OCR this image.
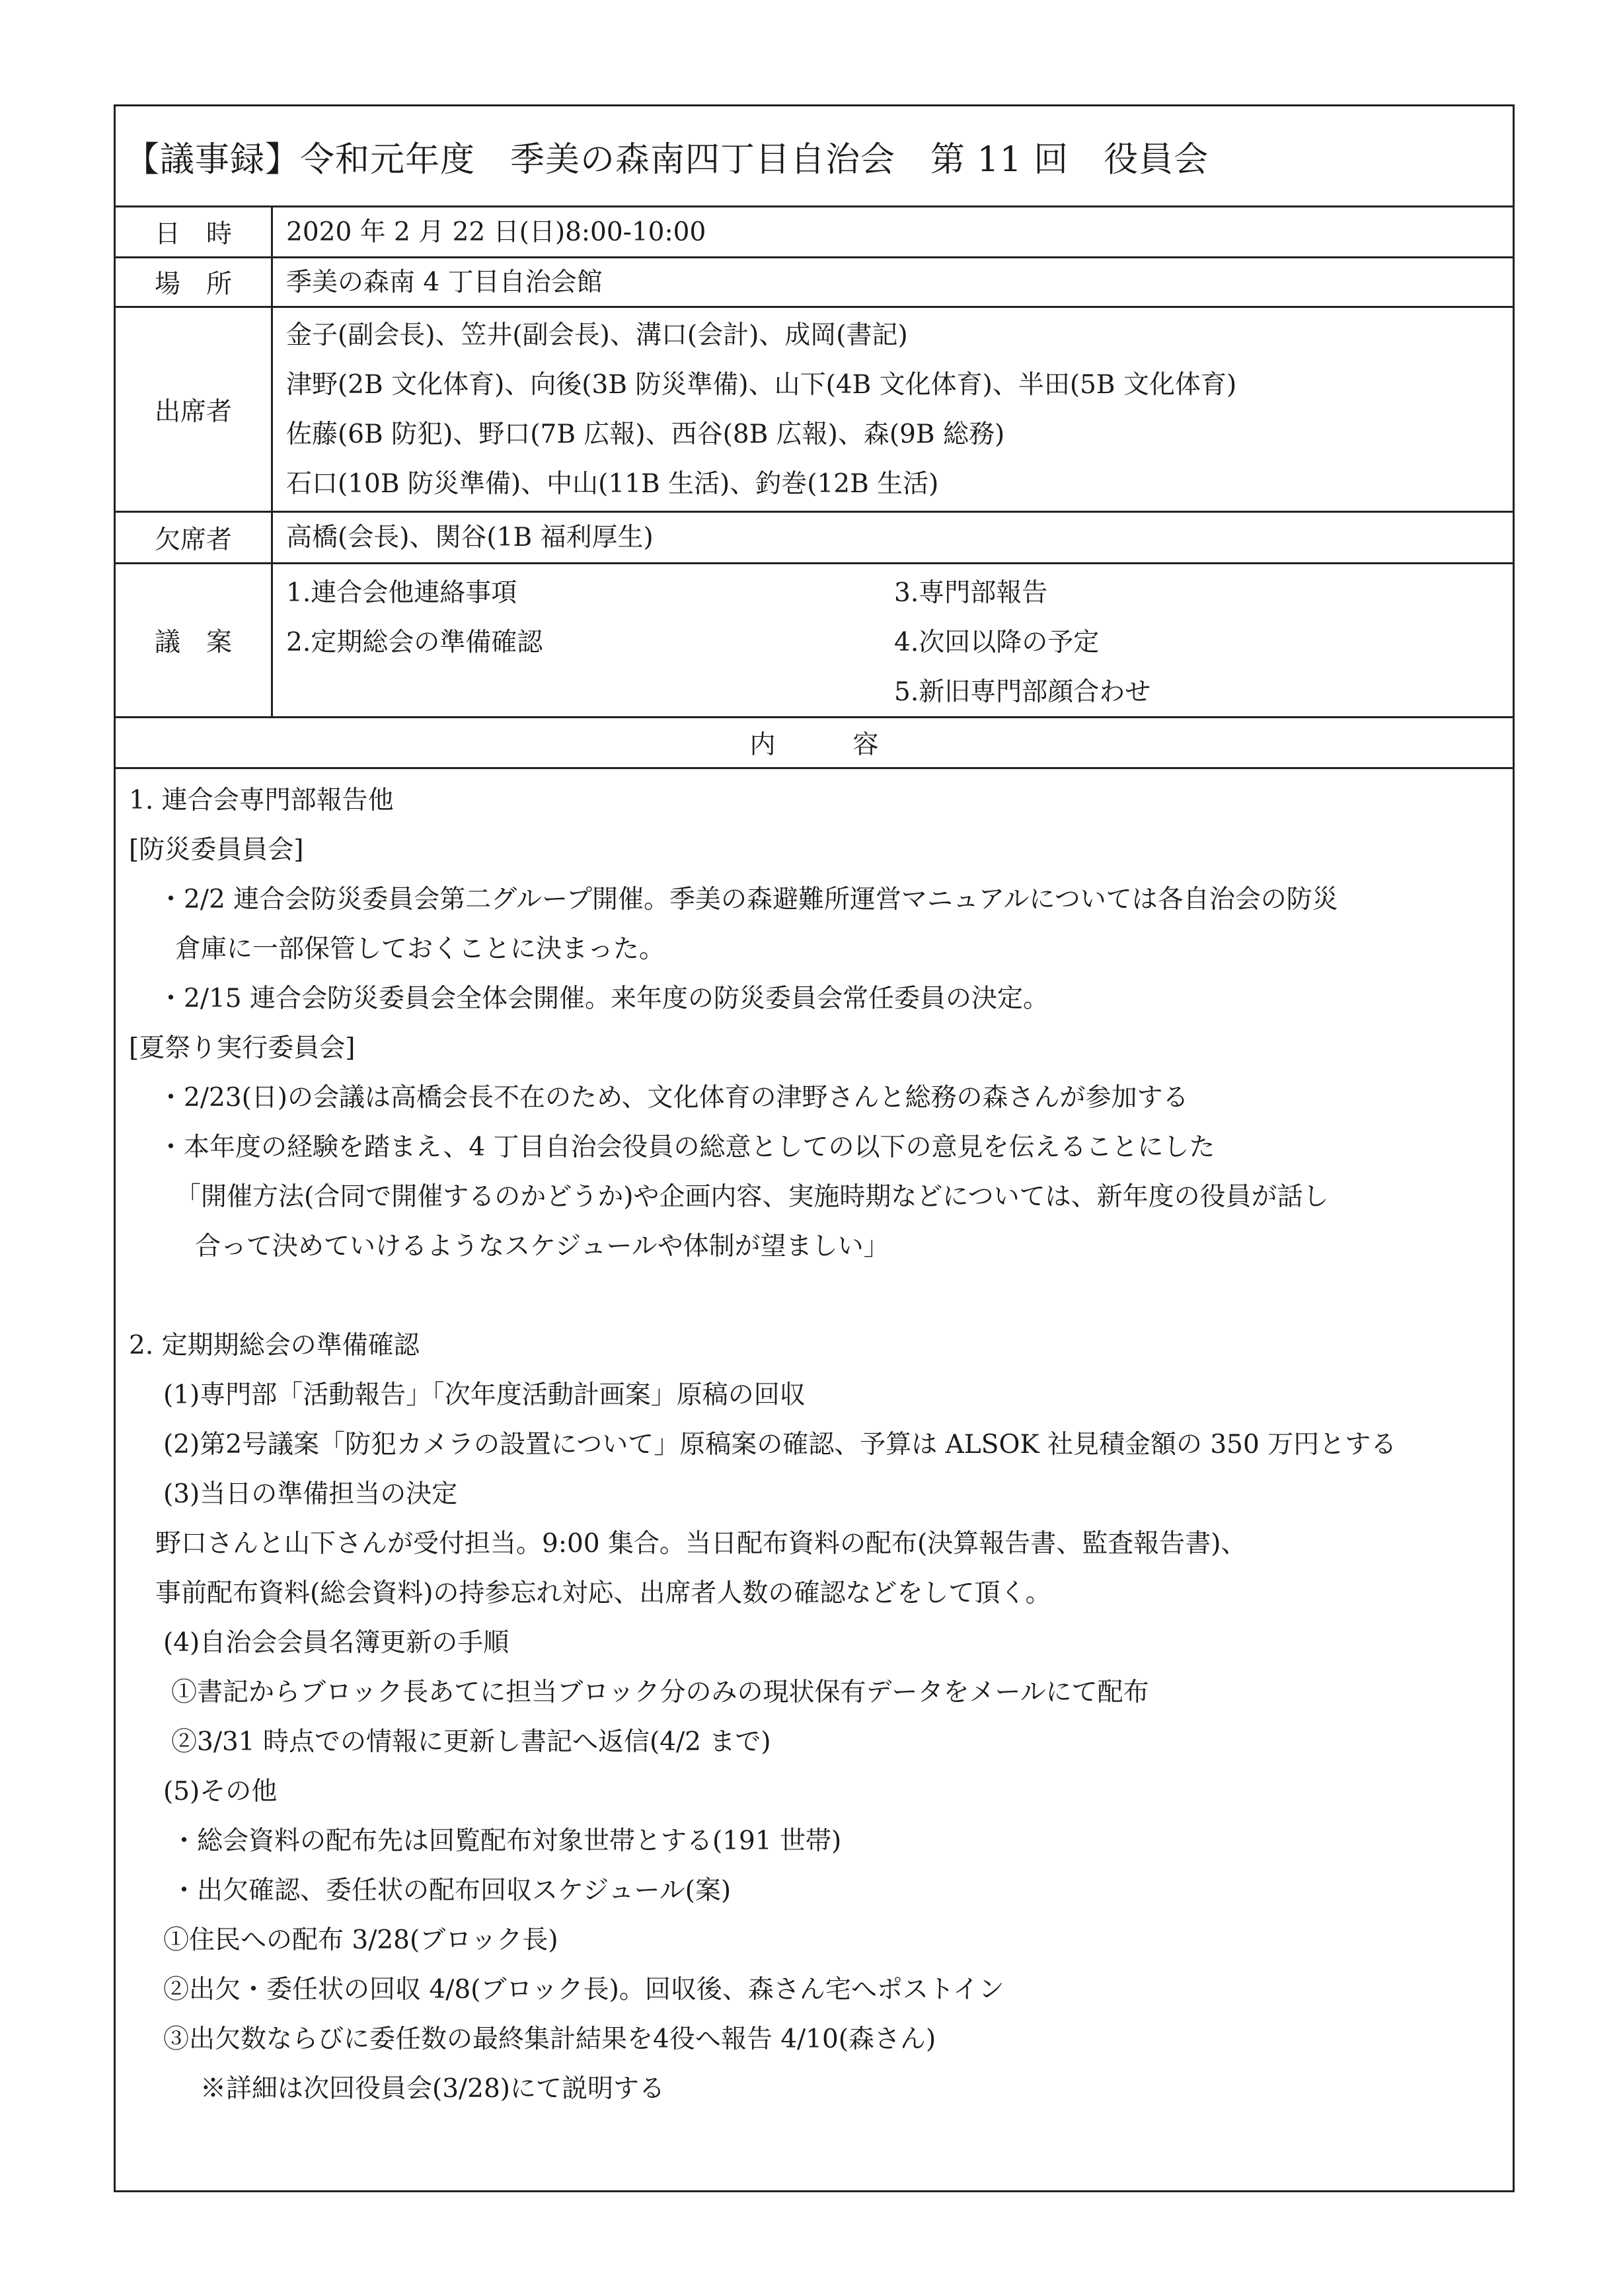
【議事録】令和元年度　季美の森南四丁目自治会　第 11 回　役員会
日　時	2020 年 2 月 22 日(日)8:00-10:00
場　所	季美の森南 4 丁目自治会館
出席者
金子(副会長)、笠井(副会長)、溝口(会計)、成岡(書記)
津野(2B 文化体育)、向後(3B 防災準備)、山下(4B 文化体育)、半田(5B 文化体育)
佐藤(6B 防犯)、野口(7B 広報)、西谷(8B 広報)、森(9B 総務)
石口(10B 防災準備)、中山(11B 生活)、釣巻(12B 生活)
欠席者	高橋(会長)、関谷(1B 福利厚生)
議　案
1.連合会他連絡事項	3.専門部報告
2.定期総会の準備確認	4.次回以降の予定
5.新旧専門部顔合わせ
内　　　容
1. 連合会専門部報告他
[防災委員員会]
・2/2 連合会防災委員会第二グループ開催。季美の森避難所運営マニュアルについては各自治会の防災
倉庫に一部保管しておくことに決まった。
・2/15 連合会防災委員会全体会開催。来年度の防災委員会常任委員の決定。
[夏祭り実行委員会]
・2/23(日)の会議は高橋会長不在のため、文化体育の津野さんと総務の森さんが参加する
・本年度の経験を踏まえ、4 丁目自治会役員の総意としての以下の意見を伝えることにした
「開催方法(合同で開催するのかどうか)や企画内容、実施時期などについては、新年度の役員が話し
合って決めていけるようなスケジュールや体制が望ましい」
2. 定期期総会の準備確認
(1)専門部「活動報告」「次年度活動計画案」原稿の回収
(2)第2号議案「防犯カメラの設置について」原稿案の確認、予算は ALSOK 社見積金額の 350 万円とする
(3)当日の準備担当の決定
野口さんと山下さんが受付担当。9:00 集合。当日配布資料の配布(決算報告書、監査報告書)、
事前配布資料(総会資料)の持参忘れ対応、出席者人数の確認などをして頂く。
(4)自治会会員名簿更新の手順
①書記からブロック長あてに担当ブロック分のみの現状保有データをメールにて配布
②3/31 時点での情報に更新し書記へ返信(4/2 まで)
(5)その他
・総会資料の配布先は回覧配布対象世帯とする(191 世帯)
・出欠確認、委任状の配布回収スケジュール(案)
①住民への配布 3/28(ブロック長)
②出欠・委任状の回収 4/8(ブロック長)。回収後、森さん宅へポストイン
③出欠数ならびに委任数の最終集計結果を4役へ報告 4/10(森さん)
※詳細は次回役員会(3/28)にて説明する
